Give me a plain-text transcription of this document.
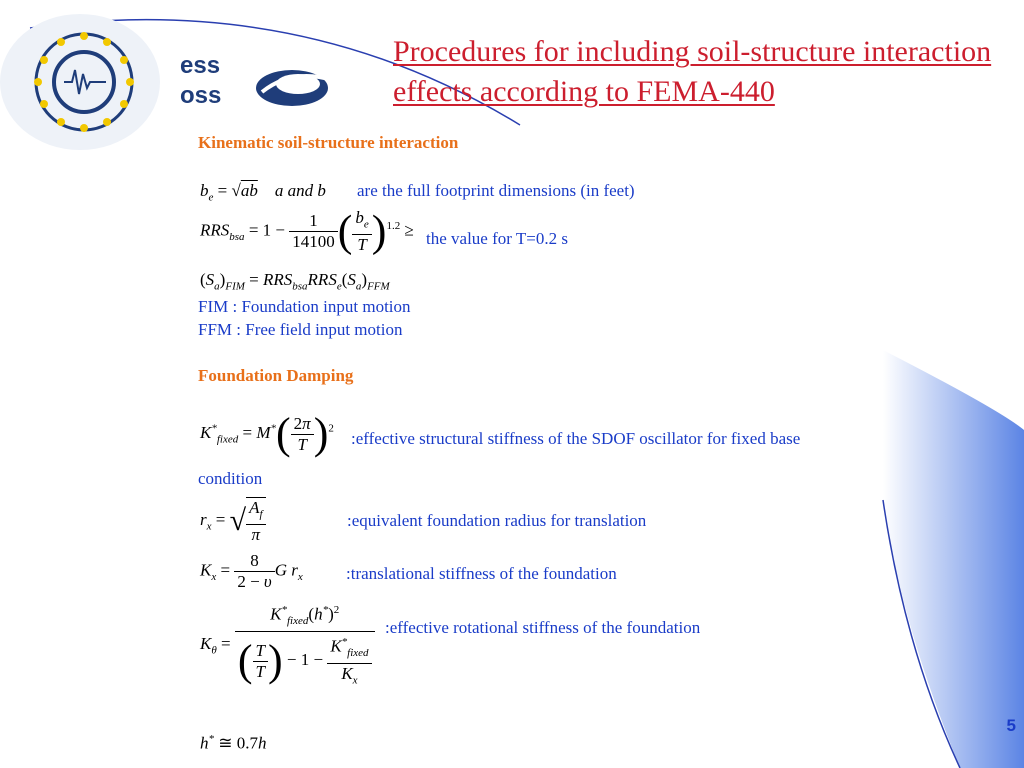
ess
oss
Procedures for including soil-structure interaction effects according to FEMA-440
Kinematic soil-structure interaction
$b_e = √ab$    a and b are the full footprint dimensions (in feet)
$RRS_{bsa} = 1 - \frac{1}{14100}$ ( $\frac{b_e}{T} )^{1.2}$ ≥ the value for T=0.2 s
$(S_a)_{FIM} = RRS_{bsa}RRS_e(S_a)_{FFM}$
FIM : Foundation input motion
FFM : Free field input motion
Foundation Damping
$K^*_{fixed} = M^*( \frac{2\pi}{T} )^2$
:effective structural stiffness of the SDOF oscillator for fixed base
condition
$r_x$ = √ $\frac{A_f}{\pi}$	:equivalent foundation radius for translation
$K_x = \frac{8}{2 - \upsilon}$ G $r_x$	:translational stiffness of the foundation
$K_\theta = \frac{K^*_{fixed}(h^*)^2}{( \frac{T}{T} ) - 1 - \frac{K^*_{fixed}}{K_x}}$ :effective rotational stiffness of the foundation
h* ≅ 0.7h
5
